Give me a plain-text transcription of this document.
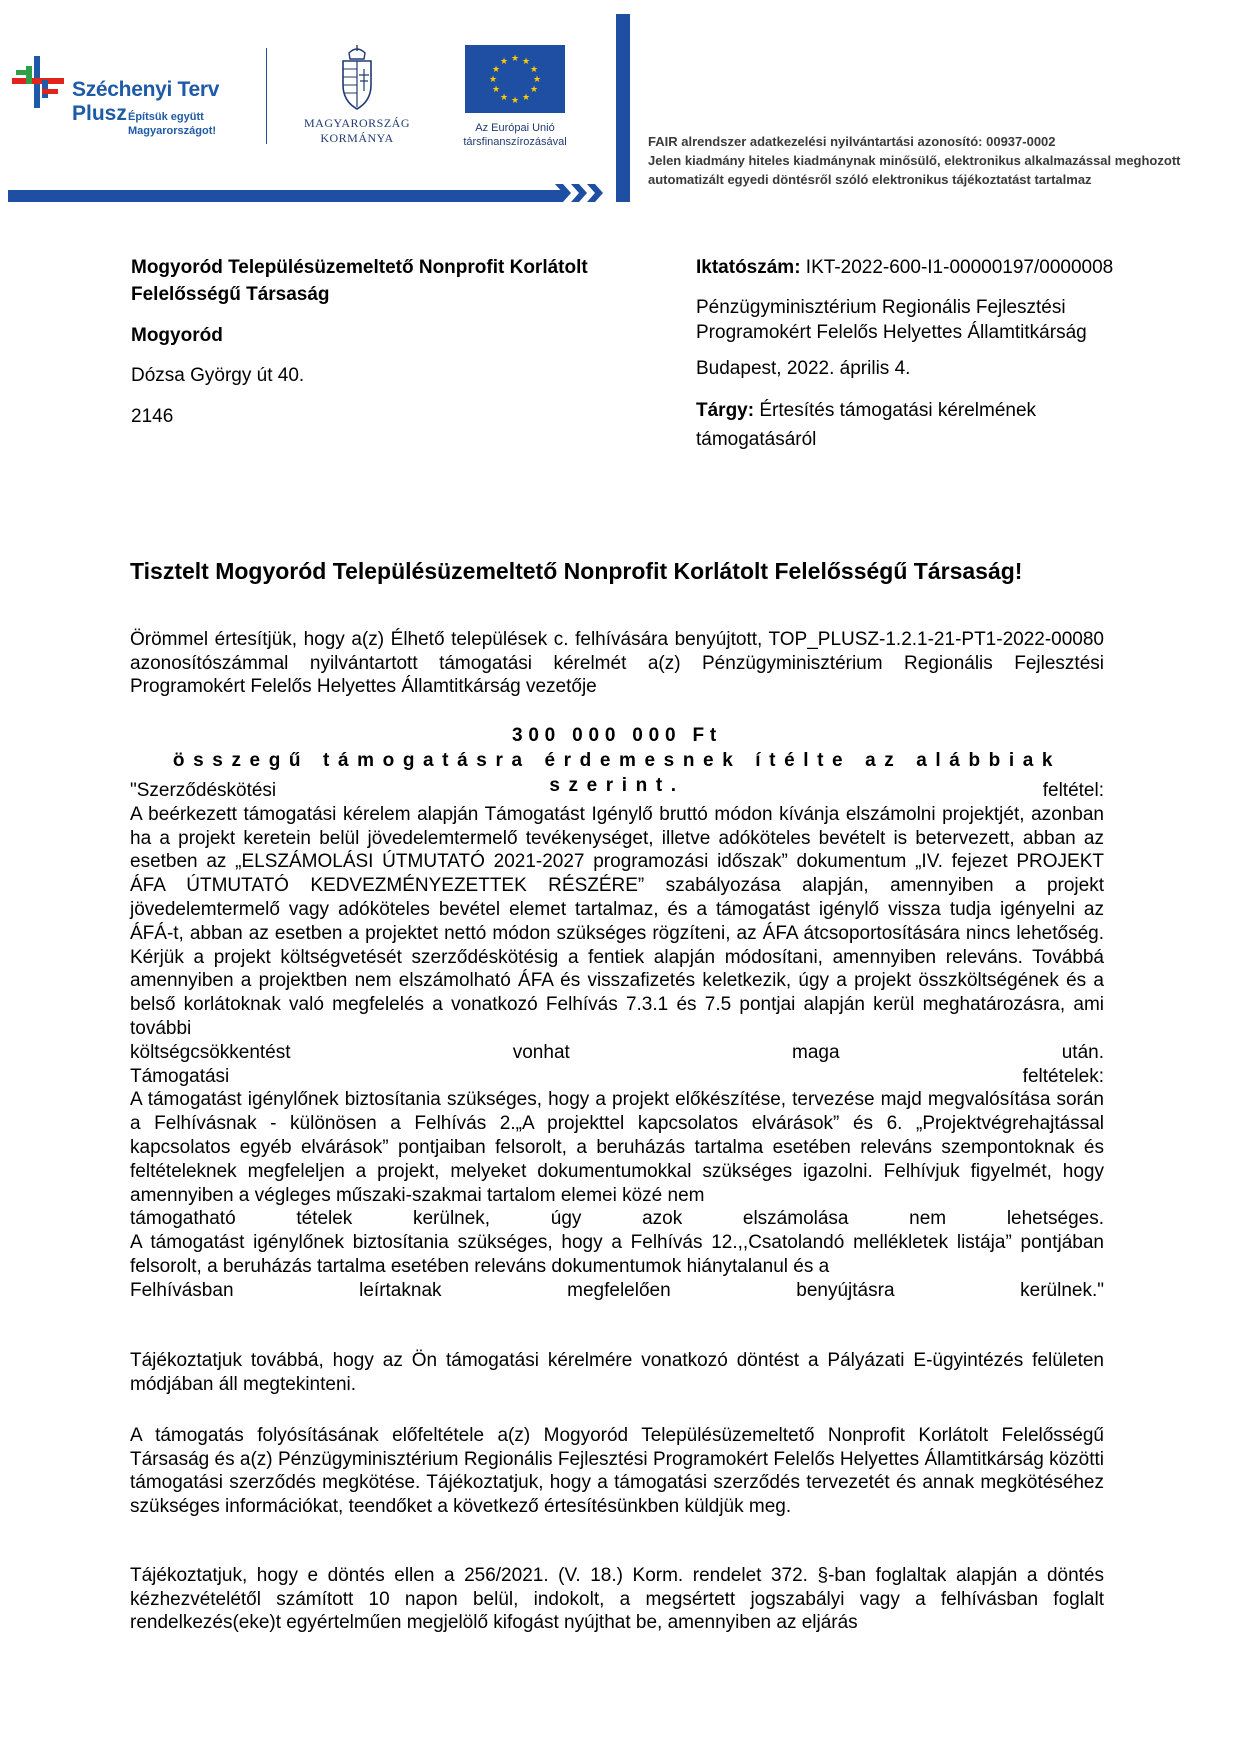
Széchenyi Terv
Plusz Építsük együtt
Magyarországot!
MAGYARORSZÁG
KORMÁNYA
★ ★
★
★
★
★
★
★
★
★
★
★
Az Európai Unió
társfinanszírozásával	FAIR alrendszer adatkezelési nyilvántartási azonosító: 00937-0002
Jelen kiadmány hiteles kiadmánynak minősülő, elektronikus alkalmazással meghozott
automatizált egyedi döntésről szóló elektronikus tájékoztatást tartalmaz
Mogyoród Településüzemeltető Nonprofit Korlátolt Felelősségű Társaság
Mogyoród
Dózsa György út 40.
2146
Iktatószám: IKT-2022-600-I1-00000197/0000008
Pénzügyminisztérium Regionális Fejlesztési Programokért Felelős Helyettes Államtitkárság
Budapest, 2022. április 4.
Tárgy: Értesítés támogatási kérelmének támogatásáról
Tisztelt Mogyoród Településüzemeltető Nonprofit Korlátolt Felelősségű Társaság!
Örömmel értesítjük, hogy a(z) Élhető települések c. felhívására benyújtott, TOP_PLUSZ-1.2.1-21-PT1-2022-00080 azonosítószámmal nyilvántartott támogatási kérelmét a(z) Pénzügyminisztérium Regionális Fejlesztési Programokért Felelős Helyettes Államtitkárság vezetője
300 000 000 Ft
összegű támogatásra érdemesnek ítélte az alábbiak szerint.
"Szerződéskötési	feltétel:
A beérkezett támogatási kérelem alapján Támogatást Igénylő bruttó módon kívánja elszámolni projektjét, azonban ha a projekt keretein belül jövedelemtermelő tevékenységet, illetve adóköteles bevételt is betervezett, abban az esetben az „ELSZÁMOLÁSI ÚTMUTATÓ 2021-2027 programozási időszak” dokumentum „IV. fejezet PROJEKT ÁFA ÚTMUTATÓ KEDVEZMÉNYEZETTEK RÉSZÉRE” szabályozása alapján, amennyiben a projekt jövedelemtermelő vagy adóköteles bevétel elemet tartalmaz, és a támogatást igénylő vissza tudja igényelni az ÁFÁ-t, abban az esetben a projektet nettó módon szükséges rögzíteni, az ÁFA átcsoportosítására nincs lehetőség. Kérjük a projekt költségvetését szerződéskötésig a fentiek alapján módosítani, amennyiben releváns. Továbbá amennyiben a projektben nem elszámolható ÁFA és visszafizetés keletkezik, úgy a projekt összköltségének és a belső korlátoknak való megfelelés a vonatkozó Felhívás 7.3.1 és 7.5 pontjai alapján kerül meghatározásra, ami további
költségcsökkentést vonhat maga után.
Támogatási	feltételek:
A támogatást igénylőnek biztosítania szükséges, hogy a projekt előkészítése, tervezése majd megvalósítása során a Felhívásnak - különösen a Felhívás 2.„A projekttel kapcsolatos elvárások” és 6. „Projektvégrehajtással kapcsolatos egyéb elvárások” pontjaiban felsorolt, a beruházás tartalma esetében releváns szempontoknak és feltételeknek megfeleljen a projekt, melyeket dokumentumokkal szükséges igazolni. Felhívjuk figyelmét, hogy amennyiben a végleges műszaki-szakmai tartalom elemei közé nem
támogatható tételek kerülnek, úgy azok elszámolása nem lehetséges.
A támogatást igénylőnek biztosítania szükséges, hogy a Felhívás 12.,,Csatolandó mellékletek listája” pontjában felsorolt, a beruházás tartalma esetében releváns dokumentumok hiánytalanul és a
Felhívásban leírtaknak megfelelően benyújtásra kerülnek."
Tájékoztatjuk továbbá, hogy az Ön támogatási kérelmére vonatkozó döntést a Pályázati E-ügyintézés felületen módjában áll megtekinteni.
A támogatás folyósításának előfeltétele a(z) Mogyoród Településüzemeltető Nonprofit Korlátolt Felelősségű Társaság és a(z) Pénzügyminisztérium Regionális Fejlesztési Programokért Felelős Helyettes Államtitkárság közötti támogatási szerződés megkötése. Tájékoztatjuk, hogy a támogatási szerződés tervezetét és annak megkötéséhez szükséges információkat, teendőket a következő értesítésünkben küldjük meg.
Tájékoztatjuk, hogy e döntés ellen a 256/2021. (V. 18.) Korm. rendelet 372. §-ban foglaltak alapján a döntés kézhezvételétől számított 10 napon belül, indokolt, a megsértett jogszabályi vagy a felhívásban foglalt rendelkezés(eke)t egyértelműen megjelölő kifogást nyújthat be, amennyiben az eljárás
